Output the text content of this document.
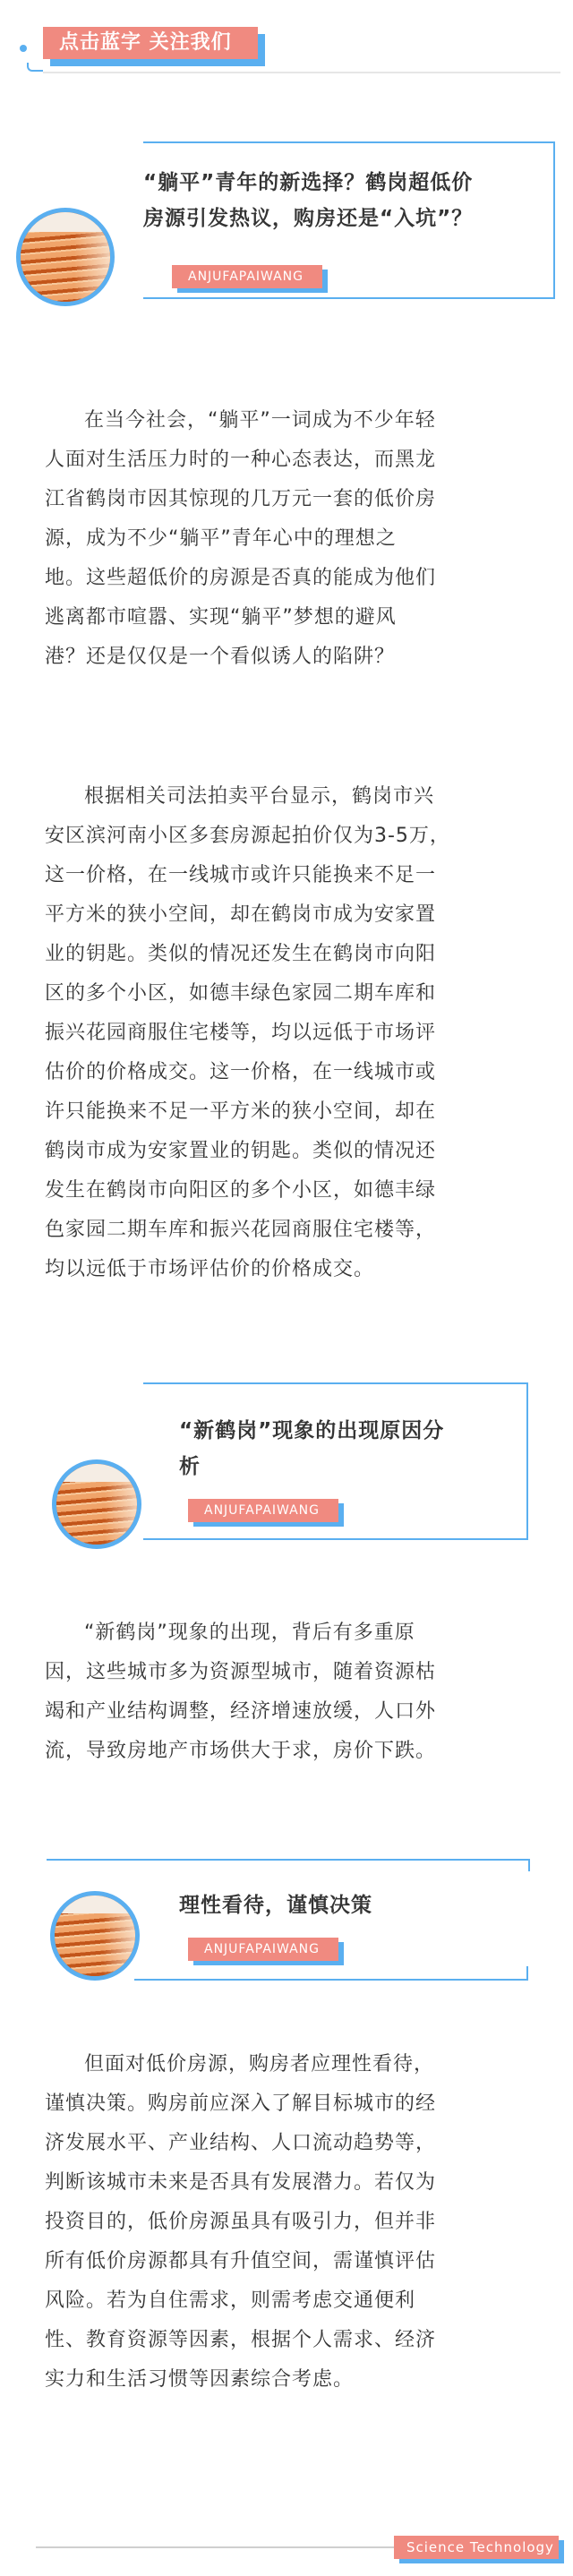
点击蓝字 关注我们
“躺平”青年的新选择？鹤岗超低价
房源引发热议，购房还是“入坑”？
ANJUFAPAIWANG
在当今社会，“躺平”一词成为不少年轻
人面对生活压力时的一种心态表达，而黑龙
江省鹤岗市因其惊现的几万元一套的低价房
源，成为不少“躺平”青年心中的理想之
地。这些超低价的房源是否真的能成为他们
逃离都市喧嚣、实现“躺平”梦想的避风
港？还是仅仅是一个看似诱人的陷阱？
根据相关司法拍卖平台显示，鹤岗市兴
安区滨河南小区多套房源起拍价仅为3-5万，
这一价格，在一线城市或许只能换来不足一
平方米的狭小空间，却在鹤岗市成为安家置
业的钥匙。类似的情况还发生在鹤岗市向阳
区的多个小区，如德丰绿色家园二期车库和
振兴花园商服住宅楼等，均以远低于市场评
估价的价格成交。这一价格，在一线城市或
许只能换来不足一平方米的狭小空间，却在
鹤岗市成为安家置业的钥匙。类似的情况还
发生在鹤岗市向阳区的多个小区，如德丰绿
色家园二期车库和振兴花园商服住宅楼等，
均以远低于市场评估价的价格成交。
“新鹤岗”现象的出现原因分
析
ANJUFAPAIWANG
“新鹤岗”现象的出现，背后有多重原
因，这些城市多为资源型城市，随着资源枯
竭和产业结构调整，经济增速放缓，人口外
流，导致房地产市场供大于求，房价下跌。
理性看待，谨慎决策
ANJUFAPAIWANG
但面对低价房源，购房者应理性看待，
谨慎决策。购房前应深入了解目标城市的经
济发展水平、产业结构、人口流动趋势等，
判断该城市未来是否具有发展潜力。若仅为
投资目的，低价房源虽具有吸引力，但并非
所有低价房源都具有升值空间，需谨慎评估
风险。若为自住需求，则需考虑交通便利
性、教育资源等因素，根据个人需求、经济
实力和生活习惯等因素综合考虑。
Science Technology
